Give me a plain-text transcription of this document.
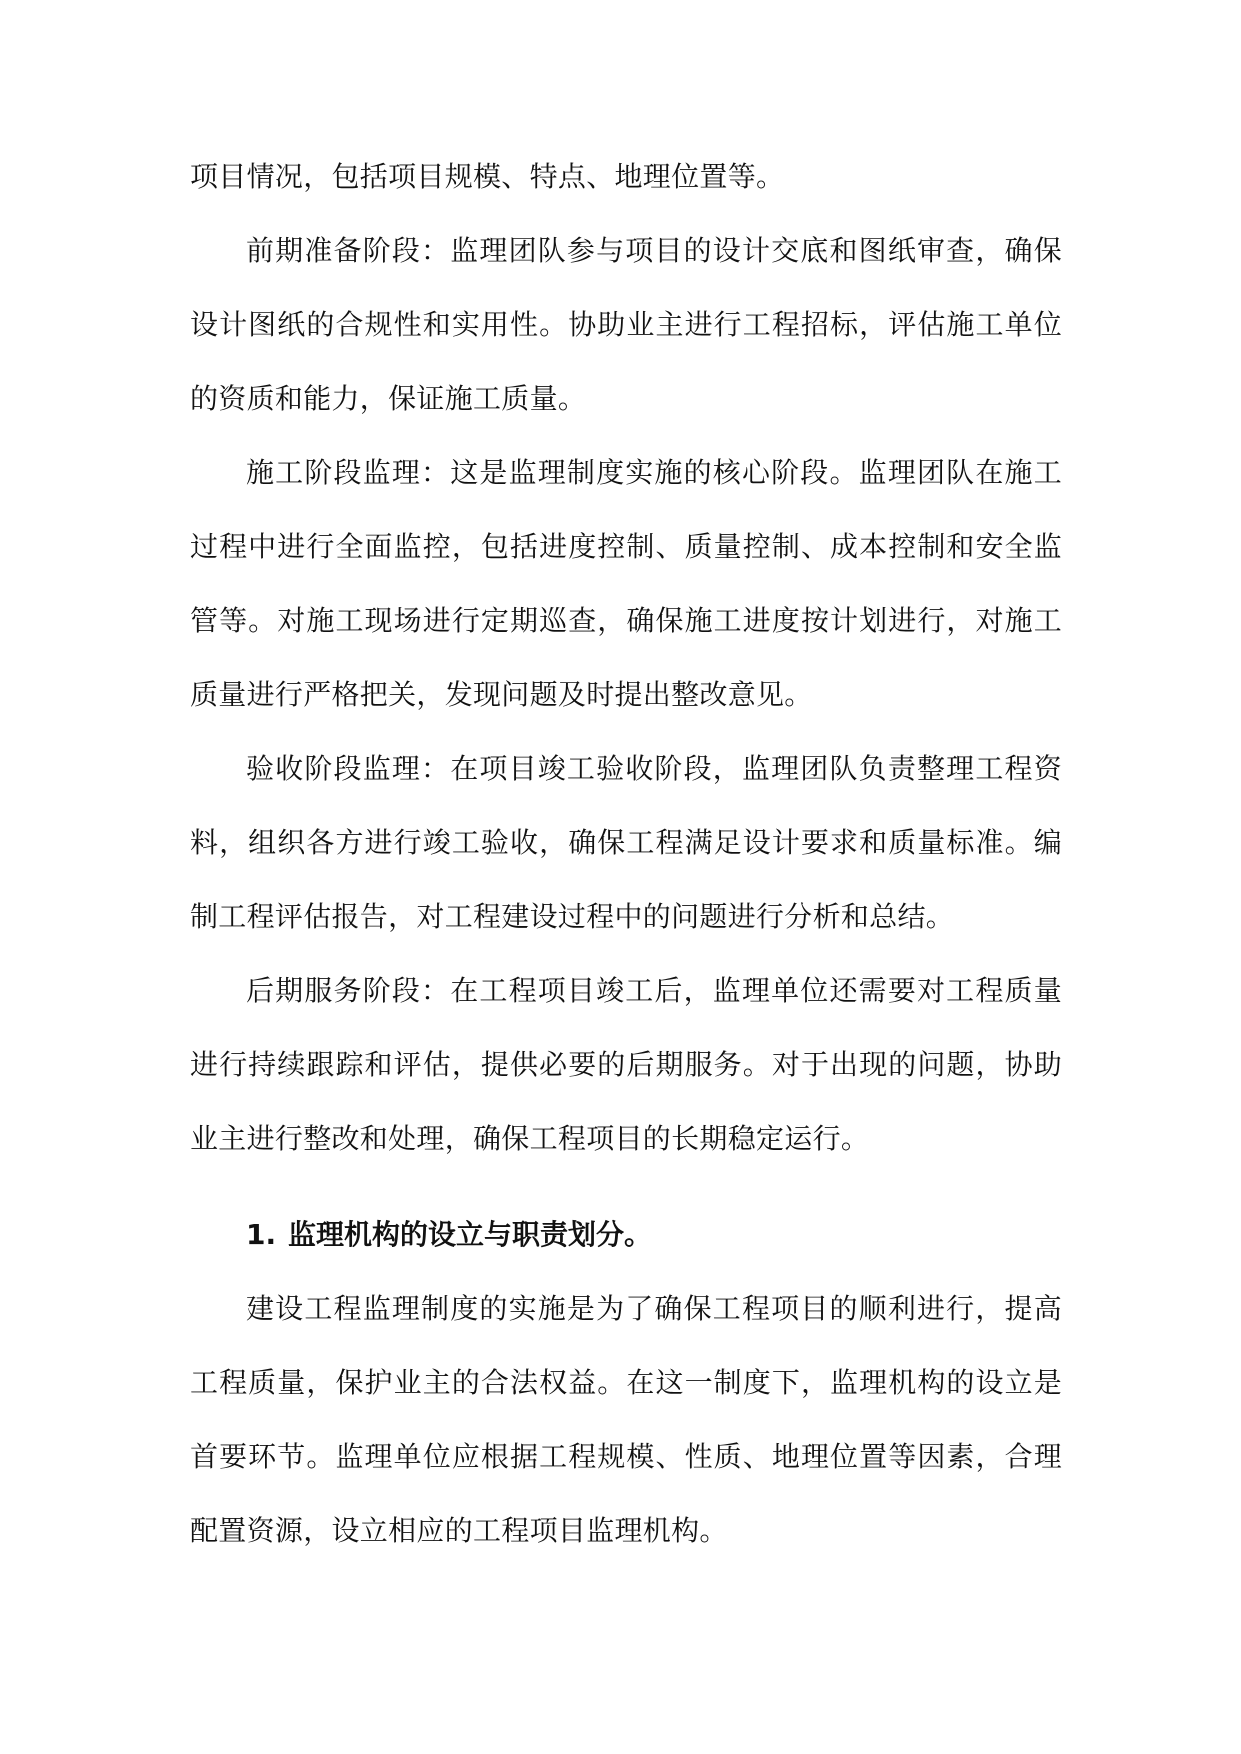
项目情况，包括项目规模、特点、地理位置等。

前期准备阶段：监理团队参与项目的设计交底和图纸审查，确保设计图纸的合规性和实用性。协助业主进行工程招标，评估施工单位的资质和能力，保证施工质量。

施工阶段监理：这是监理制度实施的核心阶段。监理团队在施工过程中进行全面监控，包括进度控制、质量控制、成本控制和安全监管等。对施工现场进行定期巡查，确保施工进度按计划进行，对施工质量进行严格把关，发现问题及时提出整改意见。

验收阶段监理：在项目竣工验收阶段，监理团队负责整理工程资料，组织各方进行竣工验收，确保工程满足设计要求和质量标准。编制工程评估报告，对工程建设过程中的问题进行分析和总结。

后期服务阶段：在工程项目竣工后，监理单位还需要对工程质量进行持续跟踪和评估，提供必要的后期服务。对于出现的问题，协助业主进行整改和处理，确保工程项目的长期稳定运行。

1. 监理机构的设立与职责划分。

建设工程监理制度的实施是为了确保工程项目的顺利进行，提高工程质量，保护业主的合法权益。在这一制度下，监理机构的设立是首要环节。监理单位应根据工程规模、性质、地理位置等因素，合理配置资源，设立相应的工程项目监理机构。
